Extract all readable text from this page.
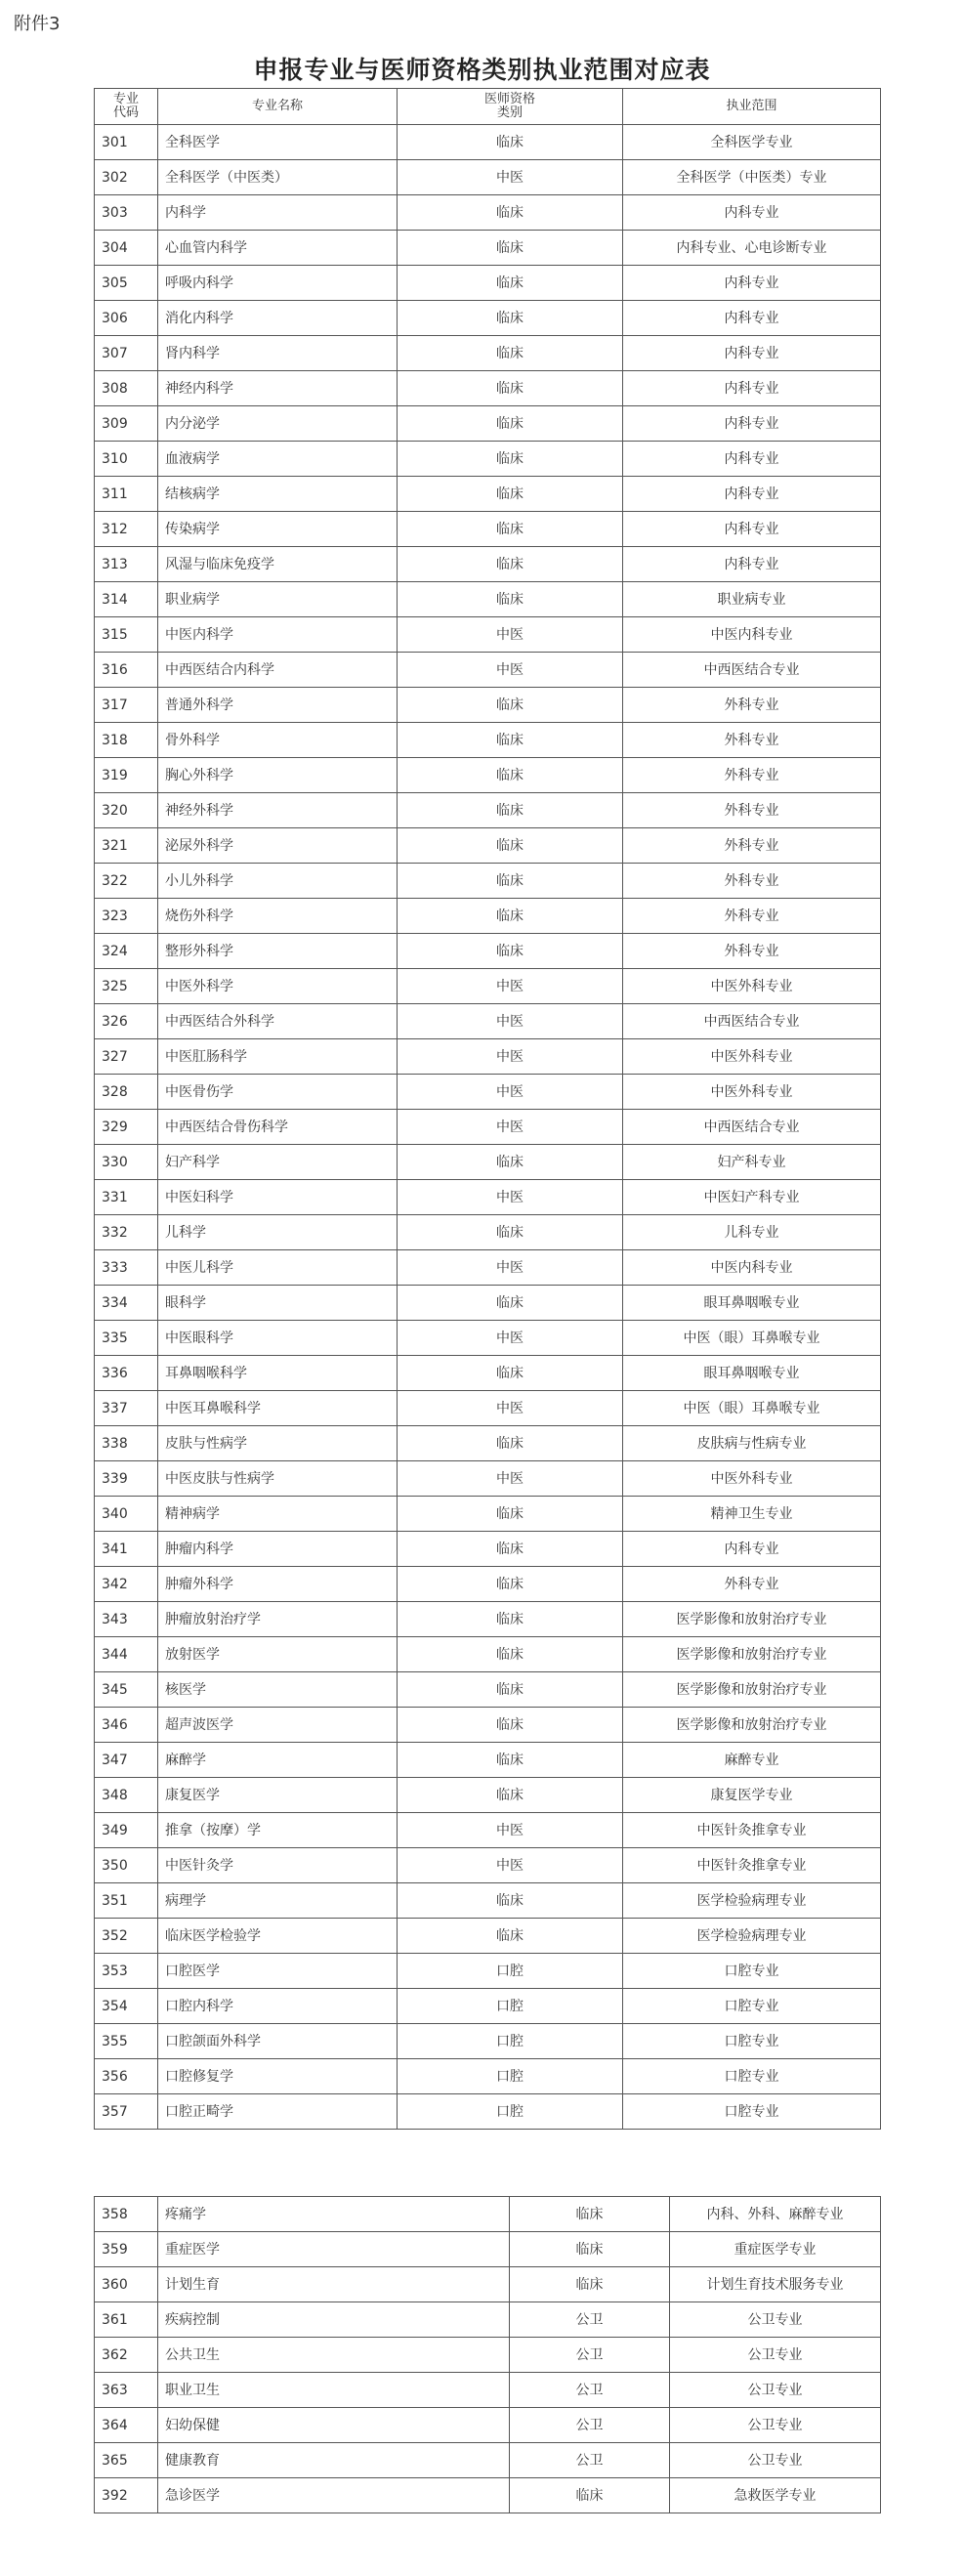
附件3
申报专业与医师资格类别执业范围对应表
专业代码	专业名称	医师资格类别	执业范围
301	全科医学	临床	全科医学专业
302	全科医学（中医类）	中医	全科医学（中医类）专业
303	内科学	临床	内科专业
304	心血管内科学	临床	内科专业、心电诊断专业
305	呼吸内科学	临床	内科专业
306	消化内科学	临床	内科专业
307	肾内科学	临床	内科专业
308	神经内科学	临床	内科专业
309	内分泌学	临床	内科专业
310	血液病学	临床	内科专业
311	结核病学	临床	内科专业
312	传染病学	临床	内科专业
313	风湿与临床免疫学	临床	内科专业
314	职业病学	临床	职业病专业
315	中医内科学	中医	中医内科专业
316	中西医结合内科学	中医	中西医结合专业
317	普通外科学	临床	外科专业
318	骨外科学	临床	外科专业
319	胸心外科学	临床	外科专业
320	神经外科学	临床	外科专业
321	泌尿外科学	临床	外科专业
322	小儿外科学	临床	外科专业
323	烧伤外科学	临床	外科专业
324	整形外科学	临床	外科专业
325	中医外科学	中医	中医外科专业
326	中西医结合外科学	中医	中西医结合专业
327	中医肛肠科学	中医	中医外科专业
328	中医骨伤学	中医	中医外科专业
329	中西医结合骨伤科学	中医	中西医结合专业
330	妇产科学	临床	妇产科专业
331	中医妇科学	中医	中医妇产科专业
332	儿科学	临床	儿科专业
333	中医儿科学	中医	中医内科专业
334	眼科学	临床	眼耳鼻咽喉专业
335	中医眼科学	中医	中医（眼）耳鼻喉专业
336	耳鼻咽喉科学	临床	眼耳鼻咽喉专业
337	中医耳鼻喉科学	中医	中医（眼）耳鼻喉专业
338	皮肤与性病学	临床	皮肤病与性病专业
339	中医皮肤与性病学	中医	中医外科专业
340	精神病学	临床	精神卫生专业
341	肿瘤内科学	临床	内科专业
342	肿瘤外科学	临床	外科专业
343	肿瘤放射治疗学	临床	医学影像和放射治疗专业
344	放射医学	临床	医学影像和放射治疗专业
345	核医学	临床	医学影像和放射治疗专业
346	超声波医学	临床	医学影像和放射治疗专业
347	麻醉学	临床	麻醉专业
348	康复医学	临床	康复医学专业
349	推拿（按摩）学	中医	中医针灸推拿专业
350	中医针灸学	中医	中医针灸推拿专业
351	病理学	临床	医学检验病理专业
352	临床医学检验学	临床	医学检验病理专业
353	口腔医学	口腔	口腔专业
354	口腔内科学	口腔	口腔专业
355	口腔颌面外科学	口腔	口腔专业
356	口腔修复学	口腔	口腔专业
357	口腔正畸学	口腔	口腔专业
358	疼痛学	临床	内科、外科、麻醉专业
359	重症医学	临床	重症医学专业
360	计划生育	临床	计划生育技术服务专业
361	疾病控制	公卫	公卫专业
362	公共卫生	公卫	公卫专业
363	职业卫生	公卫	公卫专业
364	妇幼保健	公卫	公卫专业
365	健康教育	公卫	公卫专业
392	急诊医学	临床	急救医学专业
